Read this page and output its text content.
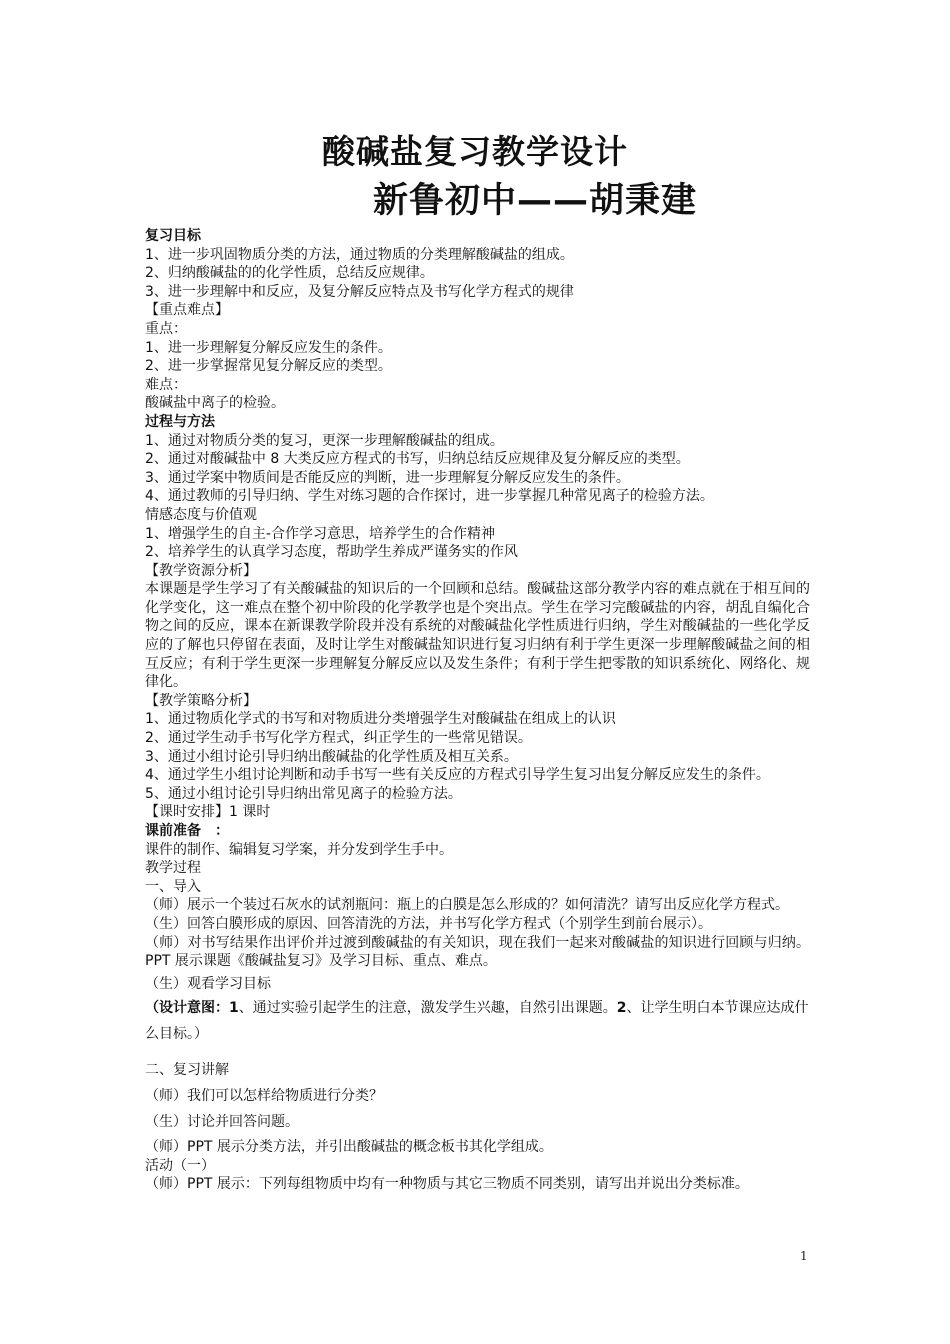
酸碱盐复习教学设计
新鲁初中——胡秉建

复习目标

1、进一步巩固物质分类的方法，通过物质的分类理解酸碱盐的组成。

2、归纳酸碱盐的的化学性质，总结反应规律。

3、进一步理解中和反应，及复分解反应特点及书写化学方程式的规律

【重点难点】

重点：

1、进一步理解复分解反应发生的条件。

2、进一步掌握常见复分解反应的类型。

难点：

酸碱盐中离子的检验。

过程与方法

1、通过对物质分类的复习，更深一步理解酸碱盐的组成。

2、通过对酸碱盐中 8 大类反应方程式的书写，归纳总结反应规律及复分解反应的类型。

3、通过学案中物质间是否能反应的判断，进一步理解复分解反应发生的条件。

4、通过教师的引导归纳、学生对练习题的合作探讨，进一步掌握几种常见离子的检验方法。

情感态度与价值观

1、增强学生的自主-合作学习意思，培养学生的合作精神

2、培养学生的认真学习态度，帮助学生养成严谨务实的作风

【教学资源分析】

本课题是学生学习了有关酸碱盐的知识后的一个回顾和总结。酸碱盐这部分教学内容的难点就在于相互间的化学变化，这一难点在整个初中阶段的化学教学也是个突出点。学生在学习完酸碱盐的内容，胡乱自编化合物之间的反应，课本在新课教学阶段并没有系统的对酸碱盐化学性质进行归纳，学生对酸碱盐的一些化学反应的了解也只停留在表面，及时让学生对酸碱盐知识进行复习归纳有利于学生更深一步理解酸碱盐之间的相互反应；有利于学生更深一步理解复分解反应以及发生条件；有利于学生把零散的知识系统化、网络化、规律化。

【教学策略分析】

1、通过物质化学式的书写和对物质进分类增强学生对酸碱盐在组成上的认识

2、通过学生动手书写化学方程式，纠正学生的一些常见错误。

3、通过小组讨论引导归纳出酸碱盐的化学性质及相互关系。

4、通过学生小组讨论判断和动手书写一些有关反应的方程式引导学生复习出复分解反应发生的条件。

5、通过小组讨论引导归纳出常见离子的检验方法。

【课时安排】1 课时

课前准备　：

课件的制作、编辑复习学案，并分发到学生手中。

教学过程

一、导入

（师）展示一个装过石灰水的试剂瓶问：瓶上的白膜是怎么形成的？如何清洗？请写出反应化学方程式。

（生）回答白膜形成的原因、回答清洗的方法，并书写化学方程式（个别学生到前台展示）。

（师）对书写结果作出评价并过渡到酸碱盐的有关知识，现在我们一起来对酸碱盐的知识进行回顾与归纳。PPT 展示课题《酸碱盐复习》及学习目标、重点、难点。

（生）观看学习目标

（设计意图：1、通过实验引起学生的注意，激发学生兴趣，自然引出课题。2、让学生明白本节课应达成什么目标。）

二、复习讲解

（师）我们可以怎样给物质进行分类？

（生）讨论并回答问题。

（师）PPT 展示分类方法，并引出酸碱盐的概念板书其化学组成。

活动（一）

（师）PPT 展示： 下列每组物质中均有一种物质与其它三物质不同类别，请写出并说出分类标准。
1
